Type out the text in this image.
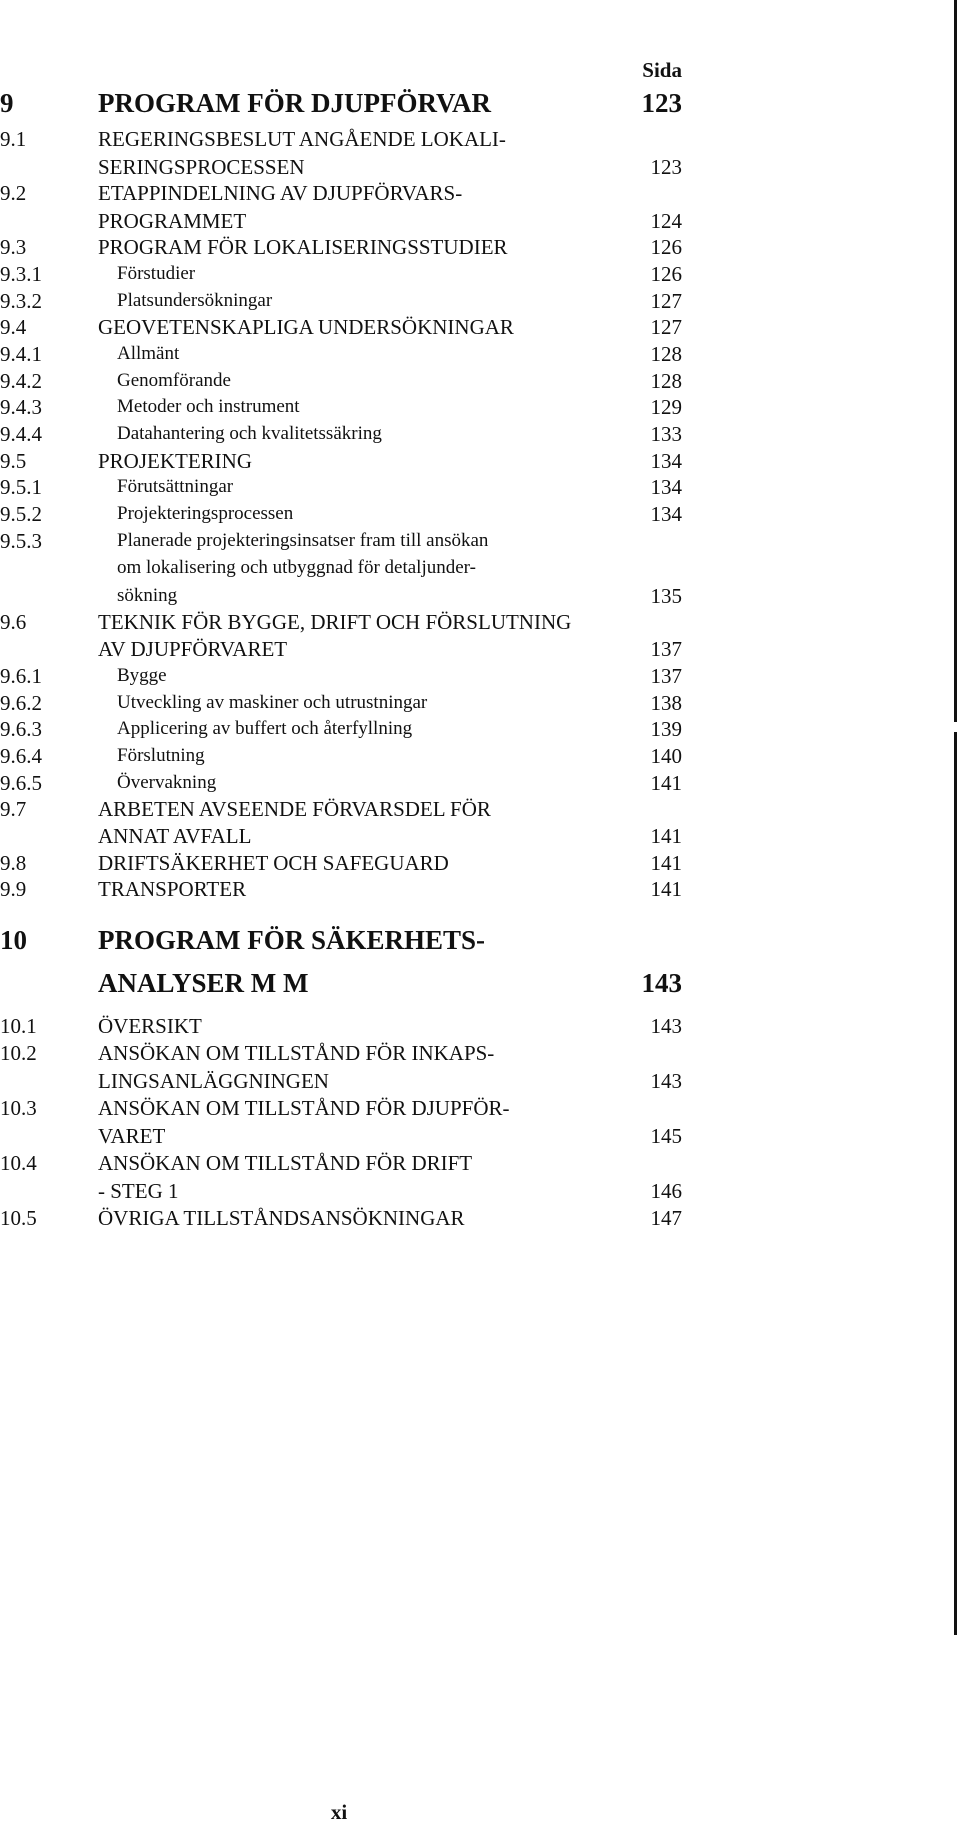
Sida
9	PROGRAM FÖR DJUPFÖRVAR	123
9.1	REGERINGSBESLUT ANGÅENDE LOKALI-
SERINGSPROCESSEN	123
9.2	ETAPPINDELNING AV DJUPFÖRVARS-
PROGRAMMET	124
9.3	PROGRAM FÖR LOKALISERINGSSTUDIER	126
9.3.1	Förstudier	126
9.3.2	Platsundersökningar	127
9.4	GEOVETENSKAPLIGA UNDERSÖKNINGAR	127
9.4.1	Allmänt	128
9.4.2	Genomförande	128
9.4.3	Metoder och instrument	129
9.4.4	Datahantering och kvalitetssäkring	133
9.5	PROJEKTERING	134
9.5.1	Förutsättningar	134
9.5.2	Projekteringsprocessen	134
9.5.3	Planerade projekteringsinsatser fram till ansökan
om lokalisering och utbyggnad för detaljunder-
sökning	135
9.6	TEKNIK FÖR BYGGE, DRIFT OCH FÖRSLUTNING
AV DJUPFÖRVARET	137
9.6.1	Bygge	137
9.6.2	Utveckling av maskiner och utrustningar	138
9.6.3	Applicering av buffert och återfyllning	139
9.6.4	Förslutning	140
9.6.5	Övervakning	141
9.7	ARBETEN AVSEENDE FÖRVARSDEL FÖR
ANNAT AVFALL	141
9.8	DRIFTSÄKERHET OCH SAFEGUARD	141
9.9	TRANSPORTER	141
10	PROGRAM FÖR SÄKERHETS-
ANALYSER M M	143
10.1	ÖVERSIKT	143
10.2	ANSÖKAN OM TILLSTÅND FÖR INKAPS-
LINGSANLÄGGNINGEN	143
10.3	ANSÖKAN OM TILLSTÅND FÖR DJUPFÖR-
VARET	145
10.4	ANSÖKAN OM TILLSTÅND FÖR DRIFT
- STEG 1	146
10.5	ÖVRIGA TILLSTÅNDSANSÖKNINGAR	147
xi
